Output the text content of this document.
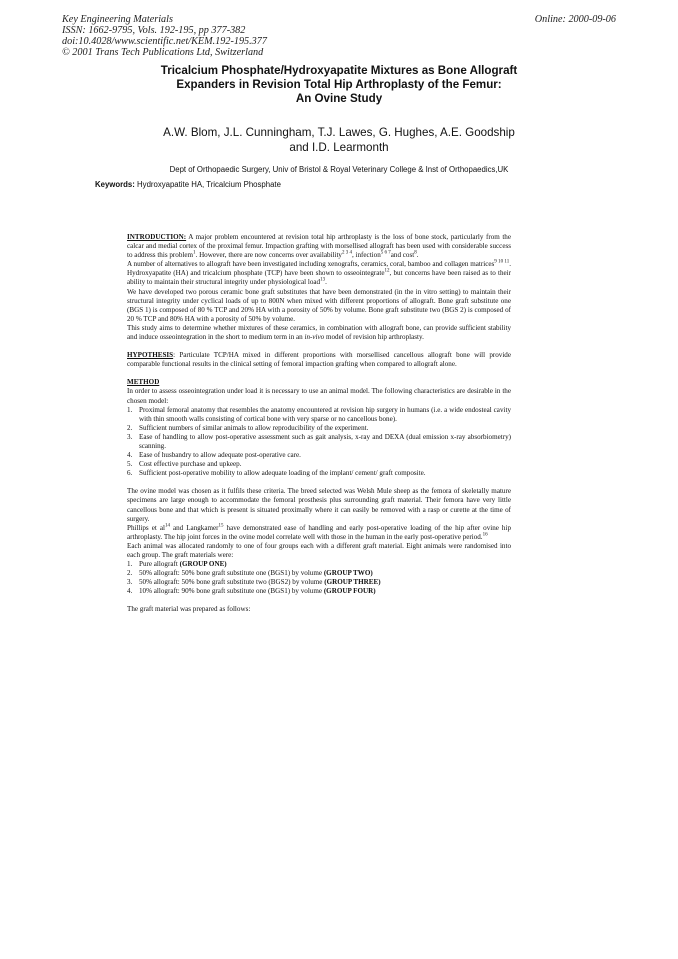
Key Engineering Materials
ISSN: 1662-9795, Vols. 192-195, pp 377-382
doi:10.4028/www.scientific.net/KEM.192-195.377
© 2001 Trans Tech Publications Ltd, Switzerland
Online: 2000-09-06
Tricalcium Phosphate/Hydroxyapatite Mixtures as Bone Allograft
Expanders in Revision Total Hip Arthroplasty of the Femur:
An Ovine Study
A.W. Blom, J.L. Cunningham, T.J. Lawes, G. Hughes, A.E. Goodship
and I.D. Learmonth
Dept of Orthopaedic Surgery, Univ of Bristol & Royal Veterinary College & Inst of Orthopaedics,UK
Keywords: Hydroxyapatite HA, Tricalcium Phosphate

INTRODUCTION: A major problem encountered at revision total hip arthroplasty is the loss of bone stock, particularly from the calcar and medial cortex of the proximal femur. Impaction grafting with morsellised allograft has been used with considerable success to address this problem$^1$. However, there are now concerns over availability$^{2 3 4}$, infection$^{5 6 7}$and cost$^8$.

A number of alternatives to allograft have been investigated including xenografts, ceramics, coral, bamboo and collagen matrices$^{9 10 11}$. Hydroxyapatite (HA) and tricalcium phosphate (TCP) have been shown to osseointegrate$^{12}$, but concerns have been raised as to their ability to maintain their structural integrity under physiological load$^{13}$.

We have developed two porous ceramic bone graft substitutes that have been demonstrated (in the in vitro setting) to maintain their structural integrity under cyclical loads of up to 800N when mixed with different proportions of allograft. Bone graft substitute one (BGS 1) is composed of 80 % TCP and 20% HA with a porosity of 50% by volume. Bone graft substitute two (BGS 2) is composed of 20 % TCP and 80% HA with a porosity of 50% by volume.

This study aims to determine whether mixtures of these ceramics, in combination with allograft bone, can provide sufficient stability and induce osseointegration in the short to medium term in an in-vivo model of revision hip arthroplasty.

HYPOTHESIS: Particulate TCP/HA mixed in different proportions with morsellised cancellous allograft bone will provide comparable functional results in the clinical setting of femoral impaction grafting when compared to allograft alone.

METHOD

In order to assess osseointegration under load it is necessary to use an animal model. The following characteristics are desirable in the chosen model:

1. Proximal femoral anatomy that resembles the anatomy encountered at revision hip surgery in humans (i.e. a wide endosteal cavity with thin smooth walls consisting of cortical bone with very sparse or no cancellous bone).
2. Sufficient numbers of similar animals to allow reproducibility of the experiment.
3. Ease of handling to allow post-operative assessment such as gait analysis, x-ray and DEXA (dual emission x-ray absorbiometry) scanning.
4. Ease of husbandry to allow adequate post-operative care.
5. Cost effective purchase and upkeep.
6. Sufficient post-operative mobility to allow adequate loading of the implant/ cement/ graft composite.

The ovine model was chosen as it fulfils these criteria. The breed selected was Welsh Mule sheep as the femora of skeletally mature specimens are large enough to accommodate the femoral prosthesis plus surrounding graft material. Their femora have very little cancellous bone and that which is present is situated proximally where it can easily be removed with a rasp or curette at the time of surgery.

Phillips et $al^{14}$ and Langkamer$^{15}$ have demonstrated ease of handling and early post-operative loading of the hip after ovine hip arthroplasty. The hip joint forces in the ovine model correlate well with those in the human in the early post-operative period.$^{16}$

Each animal was allocated randomly to one of four groups each with a different graft material. Eight animals were randomised into each group. The graft materials were:

1. Pure allograft (GROUP ONE)
2. 50% allograft: 50% bone graft substitute one (BGS1) by volume (GROUP TWO)
3. 50% allograft: 50% bone graft substitute two (BGS2) by volume (GROUP THREE)
4. 10% allograft: 90% bone graft substitute one (BGS1) by volume (GROUP FOUR)

The graft material was prepared as follows:
